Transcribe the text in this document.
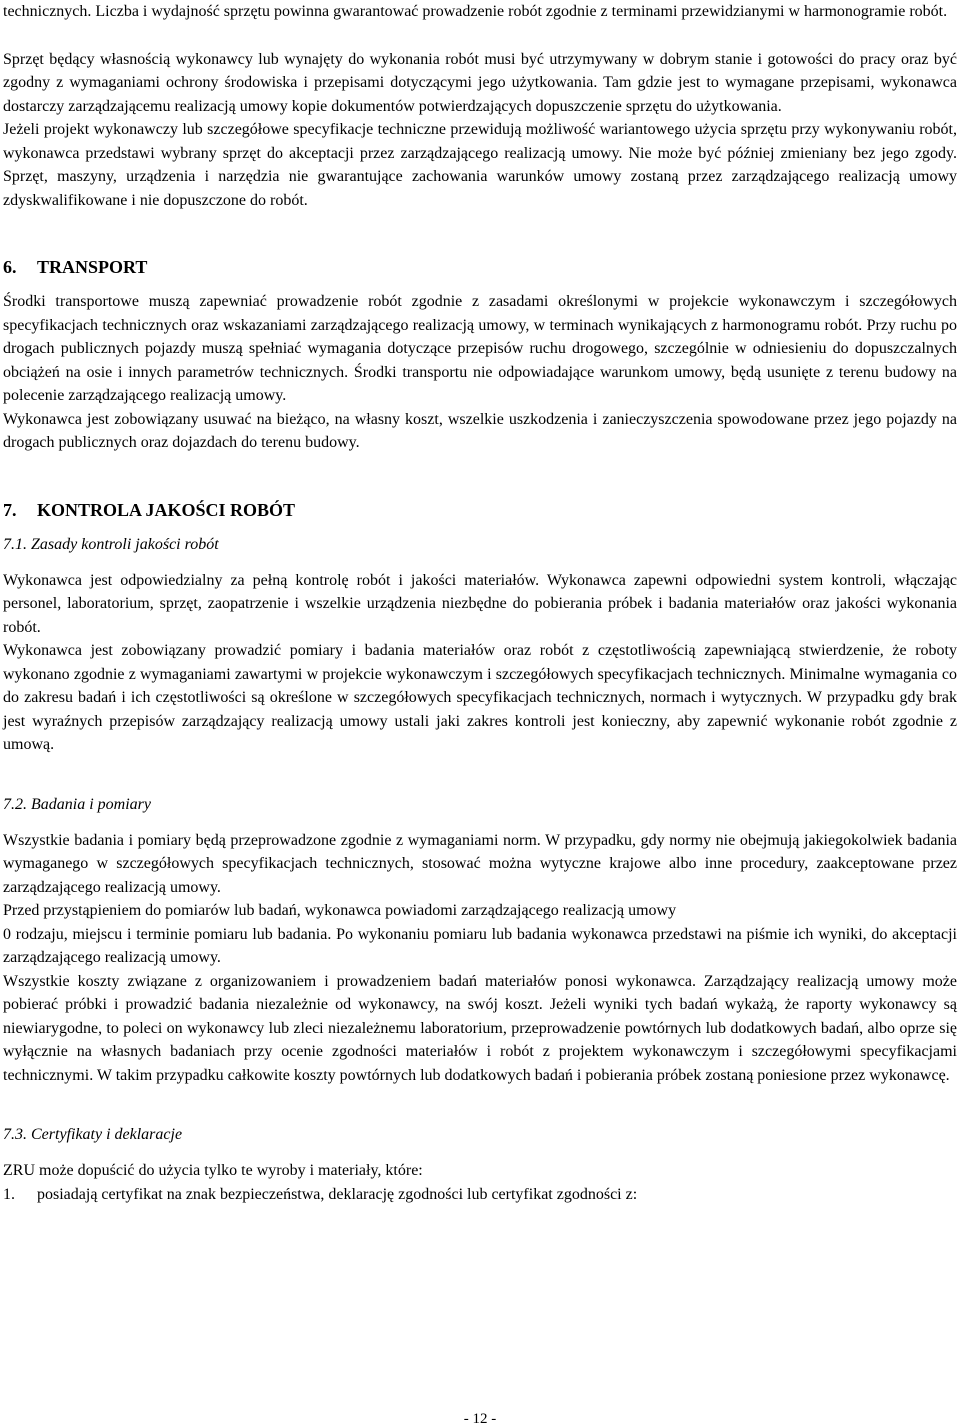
technicznych. Liczba i wydajność sprzętu powinna gwarantować prowadzenie robót zgodnie z terminami przewidzianymi w harmonogramie robót.

Sprzęt będący własnością wykonawcy lub wynajęty do wykonania robót musi być utrzymywany w dobrym stanie i gotowości do pracy oraz być zgodny z wymaganiami ochrony środowiska i przepisami dotyczącymi jego użytkowania. Tam gdzie jest to wymagane przepisami, wykonawca dostarczy zarządzającemu realizacją umowy kopie dokumentów potwierdzających dopuszczenie sprzętu do użytkowania.

Jeżeli projekt wykonawczy lub szczegółowe specyfikacje techniczne przewidują możliwość wariantowego użycia sprzętu przy wykonywaniu robót, wykonawca przedstawi wybrany sprzęt do akceptacji przez zarządzającego realizacją umowy. Nie może być później zmieniany bez jego zgody. Sprzęt, maszyny, urządzenia i narzędzia nie gwarantujące zachowania warunków umowy zostaną przez zarządzającego realizacją umowy zdyskwalifikowane i nie dopuszczone do robót.

6. TRANSPORT

Środki transportowe muszą zapewniać prowadzenie robót zgodnie z zasadami określonymi w projekcie wykonawczym i szczegółowych specyfikacjach technicznych oraz wskazaniami zarządzającego realizacją umowy, w terminach wynikających z harmonogramu robót. Przy ruchu po drogach publicznych pojazdy muszą spełniać wymagania dotyczące przepisów ruchu drogowego, szczególnie w odniesieniu do dopuszczalnych obciążeń na osie i innych parametrów technicznych. Środki transportu nie odpowiadające warunkom umowy, będą usunięte z terenu budowy na polecenie zarządzającego realizacją umowy.

Wykonawca jest zobowiązany usuwać na bieżąco, na własny koszt, wszelkie uszkodzenia i zanieczyszczenia spowodowane przez jego pojazdy na drogach publicznych oraz dojazdach do terenu budowy.

7. KONTROLA JAKOŚCI ROBÓT
7.1. Zasady kontroli jakości robót

Wykonawca jest odpowiedzialny za pełną kontrolę robót i jakości materiałów. Wykonawca zapewni odpowiedni system kontroli, włączając personel, laboratorium, sprzęt, zaopatrzenie i wszelkie urządzenia niezbędne do pobierania próbek i badania materiałów oraz jakości wykonania robót.

Wykonawca jest zobowiązany prowadzić pomiary i badania materiałów oraz robót z częstotliwością zapewniającą stwierdzenie, że roboty wykonano zgodnie z wymaganiami zawartymi w projekcie wykonawczym i szczegółowych specyfikacjach technicznych. Minimalne wymagania co do zakresu badań i ich częstotliwości są określone w szczegółowych specyfikacjach technicznych, normach i wytycznych. W przypadku gdy brak jest wyraźnych przepisów zarządzający realizacją umowy ustali jaki zakres kontroli jest konieczny, aby zapewnić wykonanie robót zgodnie z umową.

7.2. Badania i pomiary

Wszystkie badania i pomiary będą przeprowadzone zgodnie z wymaganiami norm. W przypadku, gdy normy nie obejmują jakiegokolwiek badania wymaganego w szczegółowych specyfikacjach technicznych, stosować można wytyczne krajowe albo inne procedury, zaakceptowane przez zarządzającego realizacją umowy.

Przed przystąpieniem do pomiarów lub badań, wykonawca powiadomi zarządzającego realizacją umowy

0 rodzaju, miejscu i terminie pomiaru lub badania. Po wykonaniu pomiaru lub badania wykonawca przedstawi na piśmie ich wyniki, do akceptacji zarządzającego realizacją umowy.

Wszystkie koszty związane z organizowaniem i prowadzeniem badań materiałów ponosi wykonawca. Zarządzający realizacją umowy może pobierać próbki i prowadzić badania niezależnie od wykonawcy, na swój koszt. Jeżeli wyniki tych badań wykażą, że raporty wykonawcy są niewiarygodne, to poleci on wykonawcy lub zleci niezależnemu laboratorium, przeprowadzenie powtórnych lub dodatkowych badań, albo oprze się wyłącznie na własnych badaniach przy ocenie zgodności materiałów i robót z projektem wykonawczym i szczegółowymi specyfikacjami technicznymi. W takim przypadku całkowite koszty powtórnych lub dodatkowych badań i pobierania próbek zostaną poniesione przez wykonawcę.

7.3. Certyfikaty i deklaracje

ZRU może dopuścić do użycia tylko te wyroby i materiały, które:

1.	posiadają certyfikat na znak bezpieczeństwa, deklarację zgodności lub certyfikat zgodności z:
- 12 -
